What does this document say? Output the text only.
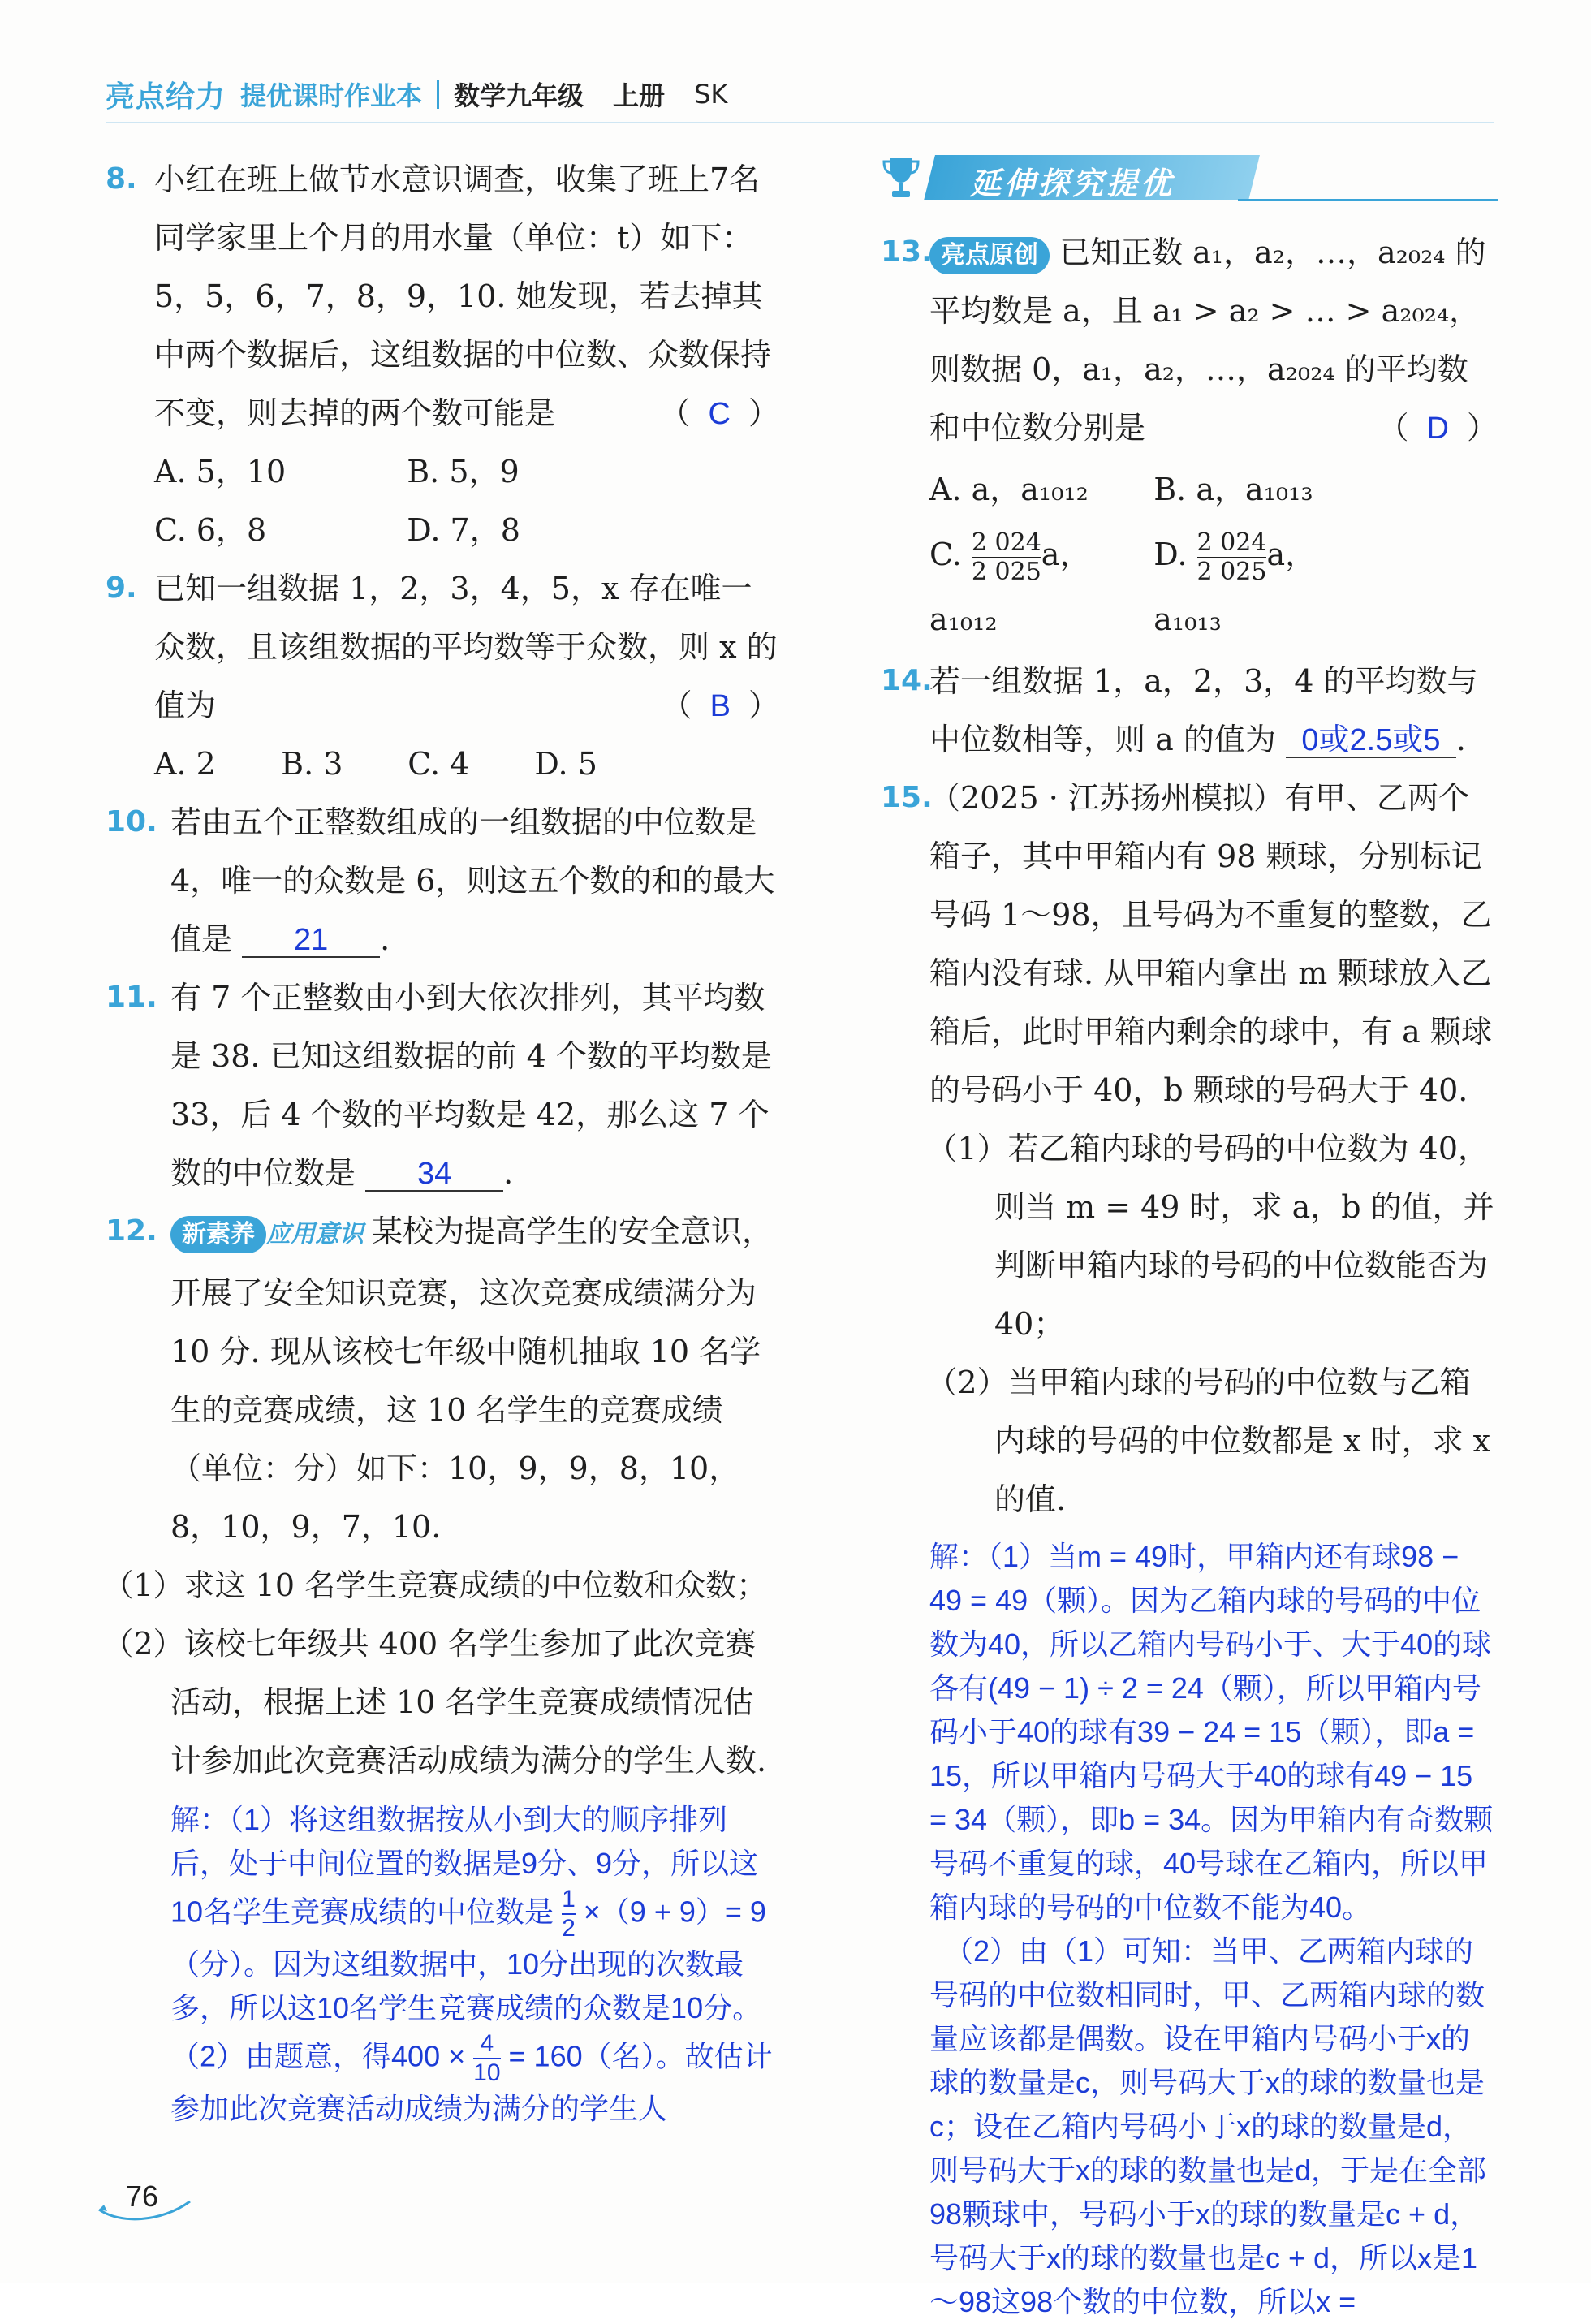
亮点给力 提优课时作业本 数学九年级 上册 SK
8. 小红在班上做节水意识调查，收集了班上7名同学家里上个月的用水量（单位：t）如下：5，5，6，7，8，9，10. 她发现，若去掉其中两个数据后，这组数据的中位数、众数保持不变，则去掉的两个数可能是	（ C ）
A. 5，10	B. 5，9
C. 6，8	D. 7，8
9. 已知一组数据 1，2，3，4，5，x 存在唯一众数，且该组数据的平均数等于众数，则 x 的值为	（ B ）
A. 2	B. 3	C. 4	D. 5
10. 若由五个正整数组成的一组数据的中位数是 4，唯一的众数是 6，则这五个数的和的最大值是 21 .
11. 有 7 个正整数由小到大依次排列，其平均数是 38. 已知这组数据的前 4 个数的平均数是 33，后 4 个数的平均数是 42，那么这 7 个数的中位数是 34 .
12.	新素养 应用意识 某校为提高学生的安全意识，开展了安全知识竞赛，这次竞赛成绩满分为 10 分. 现从该校七年级中随机抽取 10 名学生的竞赛成绩，这 10 名学生的竞赛成绩（单位：分）如下：10，9，9，8，10，8，10，9，7，10.
（1）求这 10 名学生竞赛成绩的中位数和众数；
（2）该校七年级共 400 名学生参加了此次竞赛活动，根据上述 10 名学生竞赛成绩情况估计参加此次竞赛活动成绩为满分的学生人数.

解：（1）将这组数据按从小到大的顺序排列后，处于中间位置的数据是9分、9分，所以这10名学生竞赛成绩的中位数是 $\frac{1}{2} \times(9 + 9)= 9$（分）。因为这组数据中，10分出现的次数最多，所以这10名学生竞赛成绩的众数是10分。

（2）由题意，得$400 \times \frac{4}{10} = 160$（名）。故估计参加此次竞赛活动成绩为满分的学生人

延伸探究提优
13. 亮点原创 已知正数 a₁，a₂，…，a₂₀₂₄ 的平均数是 a，且 a₁ > a₂ > … > a₂₀₂₄，则数据 0，a₁，a₂，…，a₂₀₂₄ 的平均数和中位数分别是	（ D ）
A. a，a₁₀₁₂	B. a，a₁₀₁₃
C. $\frac{2 024}{2 025}$ a，a₁₀₁₂
D. $\frac{2 024}{2 025}$ a，a₁₀₁₃
14.
若一组数据 1，a，2，3，4 的平均数与中位数相等，则 a 的值为 0或2.5或5 .
15.
（2025 · 江苏扬州模拟）有甲、乙两个箱子，其中甲箱内有 98 颗球，分别标记号码 1～98，且号码为不重复的整数，乙箱内没有球. 从甲箱内拿出 m 颗球放入乙箱后，此时甲箱内剩余的球中，有 a 颗球的号码小于 40，b 颗球的号码大于 40.
（1）若乙箱内球的号码的中位数为 40，则当 m = 49 时，求 a，b 的值，并判断甲箱内球的号码的中位数能否为 40；
（2）当甲箱内球的号码的中位数与乙箱内球的号码的中位数都是 x 时，求 x 的值.

解：（1）当m = 49时，甲箱内还有球98 − 49 = 49（颗）。因为乙箱内球的号码的中位数为40，所以乙箱内号码小于、大于40的球各有(49 − 1) ÷ 2 = 24（颗），所以甲箱内号码小于40的球有39 − 24 = 15（颗），即a = 15，所以甲箱内号码大于40的球有49 − 15 = 34（颗），即b = 34。因为甲箱内有奇数颗号码不重复的球，40号球在乙箱内，所以甲箱内球的号码的中位数不能为40。

（2）由（1）可知：当甲、乙两箱内球的号码的中位数相同时，甲、乙两箱内球的数量应该都是偶数。设在甲箱内号码小于x的球的数量是c，则号码大于x的球的数量也是c；设在乙箱内号码小于x的球的数量是d，则号码大于x的球的数量也是d，于是在全部98颗球中，号码小于x的球的数量是c + d，号码大于x的球的数量也是c + d，所以x是1～98这98个数的中位数，所以x =

76
